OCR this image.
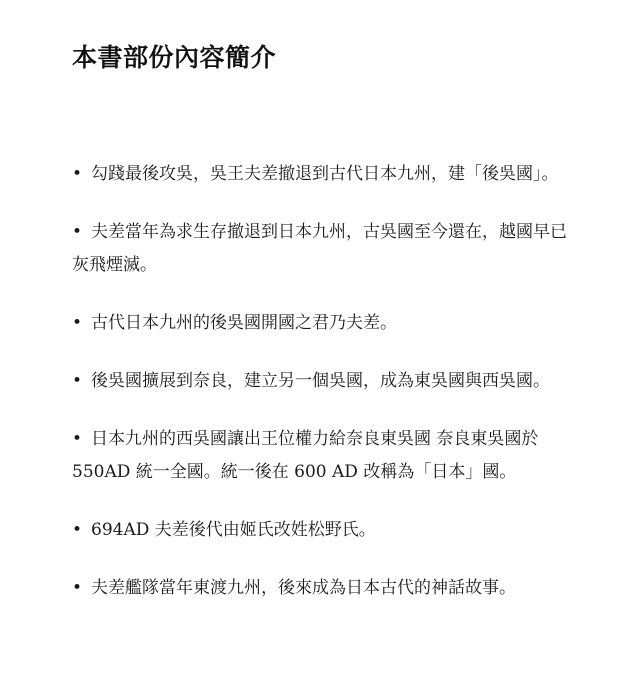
本書部份內容簡介
• 勾踐最後攻吳，吳王夫差撤退到古代日本九州，建「後吳國」。
• 夫差當年為求生存撤退到日本九州，古吳國至今還在，越國早已灰飛煙滅。
• 古代日本九州的後吳國開國之君乃夫差。
• 後吳國擴展到奈良，建立另一個吳國，成為東吳國與西吳國。
• 日本九州的西吳國讓出王位權力給奈良東吳國 奈良東吳國於550AD 統一全國。統一後在 600 AD 改稱為「日本」國。
• 694AD 夫差後代由姬氏改姓松野氏。
• 夫差艦隊當年東渡九州，後來成為日本古代的神話故事。
